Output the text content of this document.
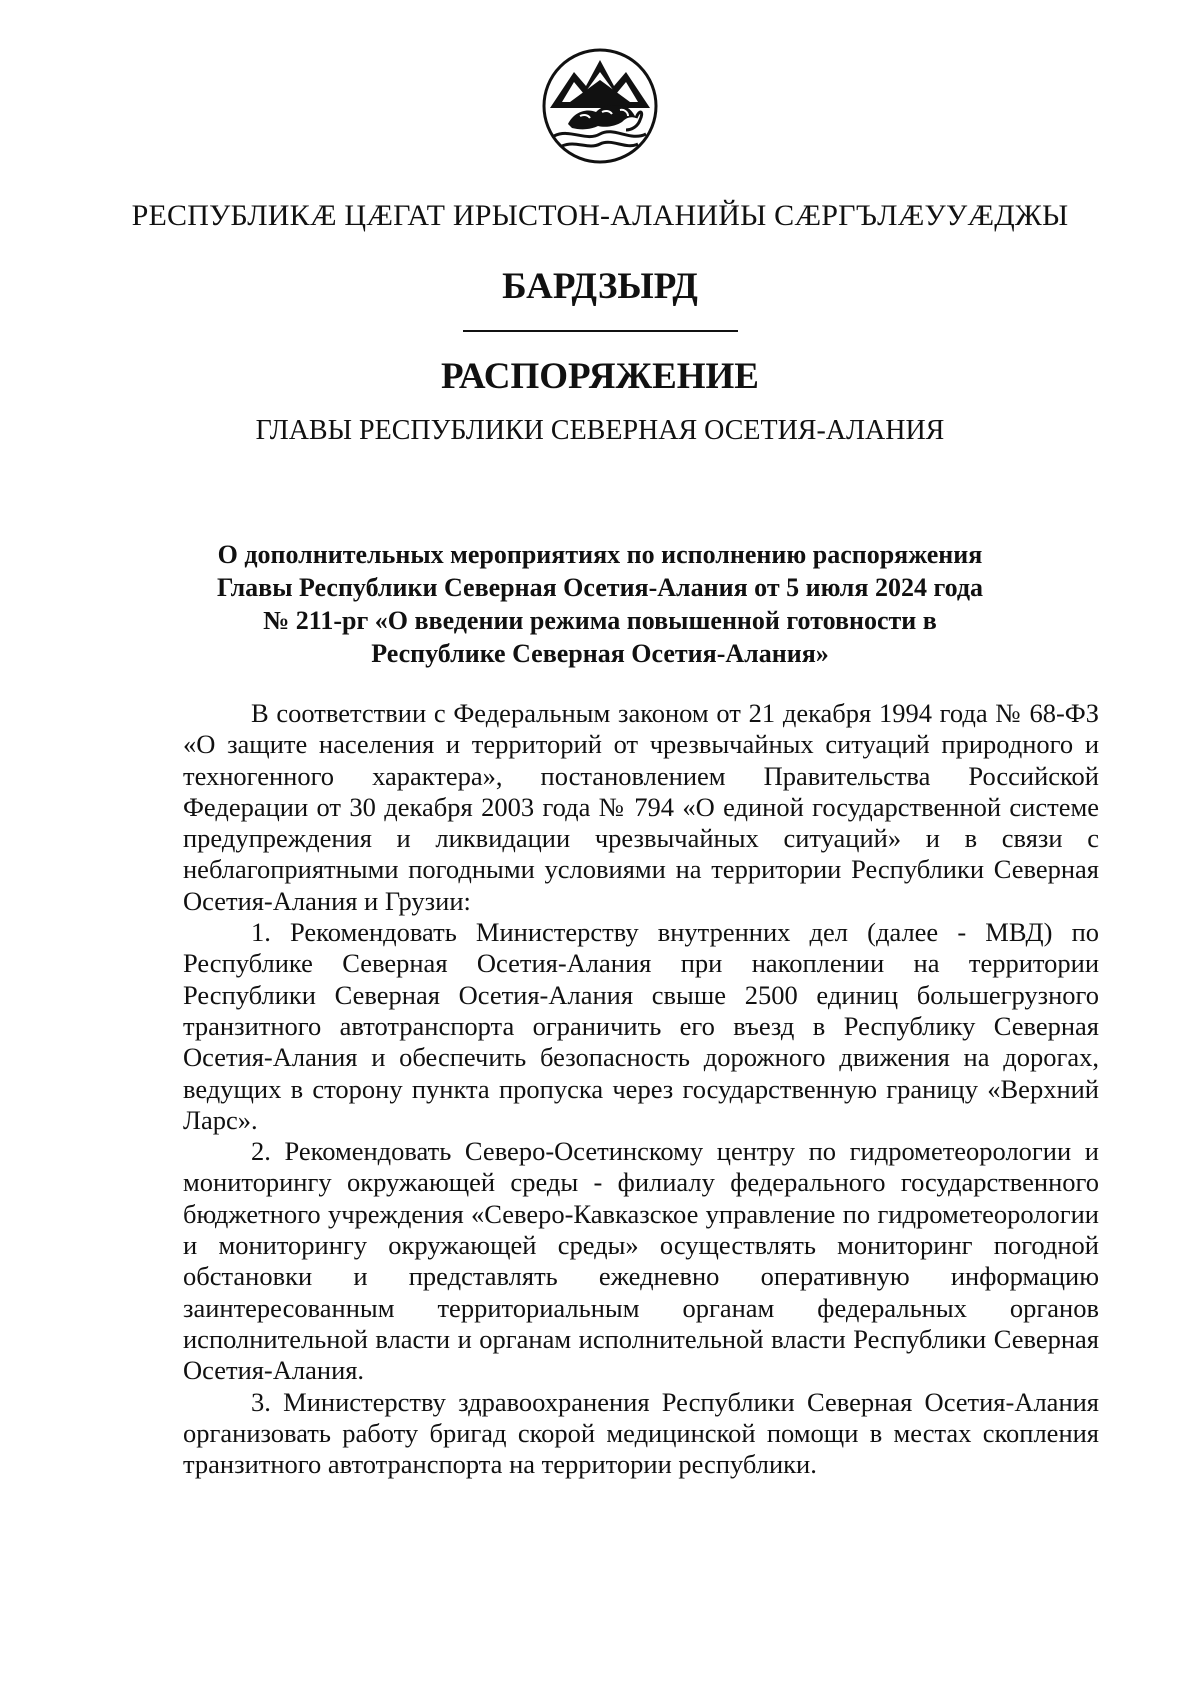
РЕСПУБЛИКÆ ЦÆГАТ ИРЫСТОН-АЛАНИЙЫ СÆРГЪЛÆУУÆДЖЫ
БАРДЗЫРД
РАСПОРЯЖЕНИЕ
ГЛАВЫ РЕСПУБЛИКИ СЕВЕРНАЯ ОСЕТИЯ-АЛАНИЯ
О дополнительных мероприятиях по исполнению распоряжения
Главы Республики Северная Осетия-Алания от 5 июля 2024 года
№ 211-рг «О введении режима повышенной готовности в
Республике Северная Осетия-Алания»

В соответствии с Федеральным законом от 21 декабря 1994 года № 68-ФЗ «О защите населения и территорий от чрезвычайных ситуаций природного и техногенного характера», постановлением Правительства Российской Федерации от 30 декабря 2003 года № 794 «О единой государственной системе предупреждения и ликвидации чрезвычайных ситуаций» и в связи с неблагоприятными погодными условиями на территории Республики Северная Осетия-Алания и Грузии:

1. Рекомендовать Министерству внутренних дел (далее - МВД) по Республике Северная Осетия-Алания при накоплении на территории Республики Северная Осетия-Алания свыше 2500 единиц большегрузного транзитного автотранспорта ограничить его въезд в Республику Северная Осетия-Алания и обеспечить безопасность дорожного движения на дорогах, ведущих в сторону пункта пропуска через государственную границу «Верхний Ларс».

2. Рекомендовать Северо-Осетинскому центру по гидрометеорологии и мониторингу окружающей среды - филиалу федерального государственного бюджетного учреждения «Северо-Кавказское управление по гидрометеорологии и мониторингу окружающей среды» осуществлять мониторинг погодной обстановки и представлять ежедневно оперативную информацию заинтересованным территориальным органам федеральных органов исполнительной власти и органам исполнительной власти Республики Северная Осетия-Алания.

3. Министерству здравоохранения Республики Северная Осетия-Алания организовать работу бригад скорой медицинской помощи в местах скопления транзитного автотранспорта на территории республики.
